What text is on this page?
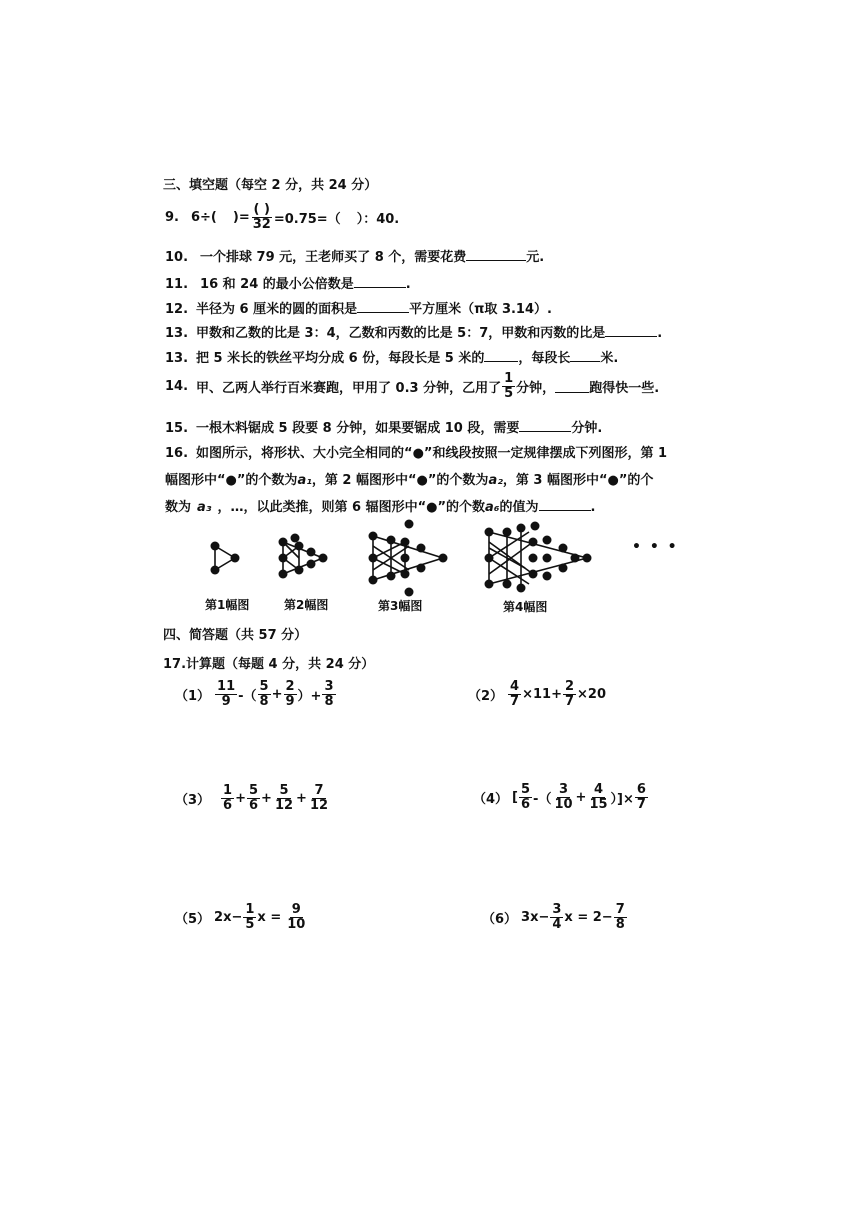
三、填空题（每空 2 分，共 24 分）
9. 6÷( )= $\frac{( )}{32} =0.75=$（ ）：40.
10. 一个排球 79 元，王老师买了 8 个，需要花费	元.
11. 16 和 24 的最小公倍数是	.
12. 半径为 6 厘米的圆的面积是	平方厘米（π取 3.14）.
13. 甲数和乙数的比是 3：4，乙数和丙数的比是 5：7，甲数和丙数的比是	.
13. 把 5 米长的铁丝平均分成 6 份，每段长是 5 米的	，每段长 米.
14. 甲、乙两人举行百米赛跑，甲用了 0.3 分钟，乙用了 $\frac{1}{5}$ 分钟，	跑得快一些.
15. 一根木料锯成 5 段要 8 分钟，如果要锯成 10 段，需要	分钟.
16. 如图所示，将形状、大小完全相同的“●”和线段按照一定规律摆成下列图形，第 1
幅图形中“●”的个数为a₁，第 2 幅图形中“●”的个数为a₂，第 3 幅图形中“●”的个
数为 a₃ ，…，以此类推，则第 6 辐图形中“●”的个数a₆的值为	.
• • •
第1幅图	第2幅图	第3幅图	第4幅图
四、简答题（共 57 分）
17.计算题（每题 4 分，共 24 分）
$(1) \frac{11}{9}$ -（ $\frac{5}{8} + \frac{2}{9}$ ）+ $\frac{3}{8}$	$(2) \frac{4}{7} \times 11+ \frac{2}{7} \times 20$
$(3) \frac{1}{6} + \frac{5}{6} + \frac{5}{12} + \frac{7}{12}$	（4） [ $\frac{5}{6}$ -（ $\frac{3}{10} + \frac{4}{15}$ ）]× $\frac{6}{7}$
（5） $2x- \frac{1}{5}$ $x = \frac{9}{10}$	（6） $3x- \frac{3}{4}$ $x = 2- \frac{7}{8}$
